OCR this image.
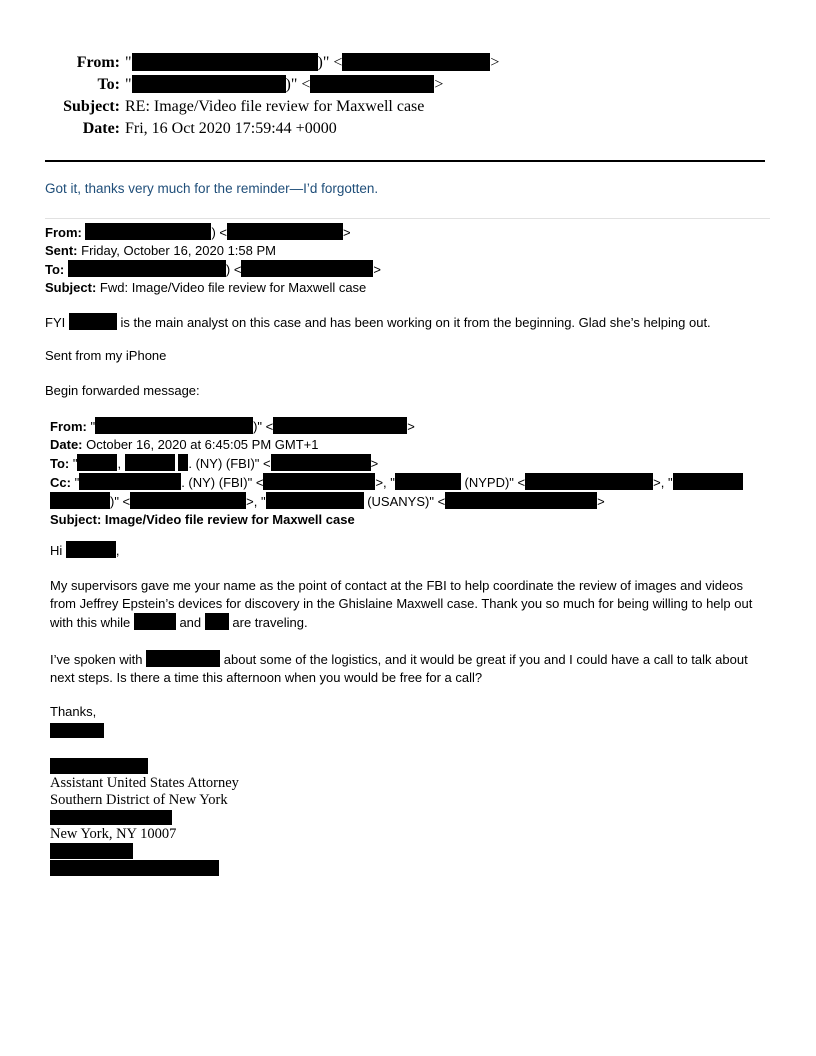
From: "	)" <	>
To: "	)" <	>
Subject: RE: Image/Video file review for Maxwell case
Date: Fri, 16 Oct 2020 17:59:44 +0000
Got it, thanks very much for the reminder—I’d forgotten.
From:	) <	>
Sent: Friday, October 16, 2020 1:58 PM
To:	) <	>
Subject: Fwd: Image/Video file review for Maxwell case
FYI	is the main analyst on this case and has been working on it from the beginning. Glad she’s helping out.
Sent from my iPhone
Begin forwarded message:
From: "	)" <	>
Date: October 16, 2020 at 6:45:05 PM GMT+1
To: "	,	. (NY) (FBI)" <	>
Cc: "	. (NY) (FBI)" <	>, "	(NYPD)" <	>, "
)" <	>, "	(USANYS)" <	>
Subject: Image/Video file review for Maxwell case
Hi	,
My supervisors gave me your name as the point of contact at the FBI to help coordinate the review of images and videos from Jeffrey Epstein’s devices for discovery in the Ghislaine Maxwell case. Thank you so much for being willing to help out with this while	and are traveling.
I’ve spoken with	about some of the logistics, and it would be great if you and I could have a call to talk about next steps. Is there a time this afternoon when you would be free for a call?
Thanks,
Assistant United States Attorney
Southern District of New York
New York, NY 10007
